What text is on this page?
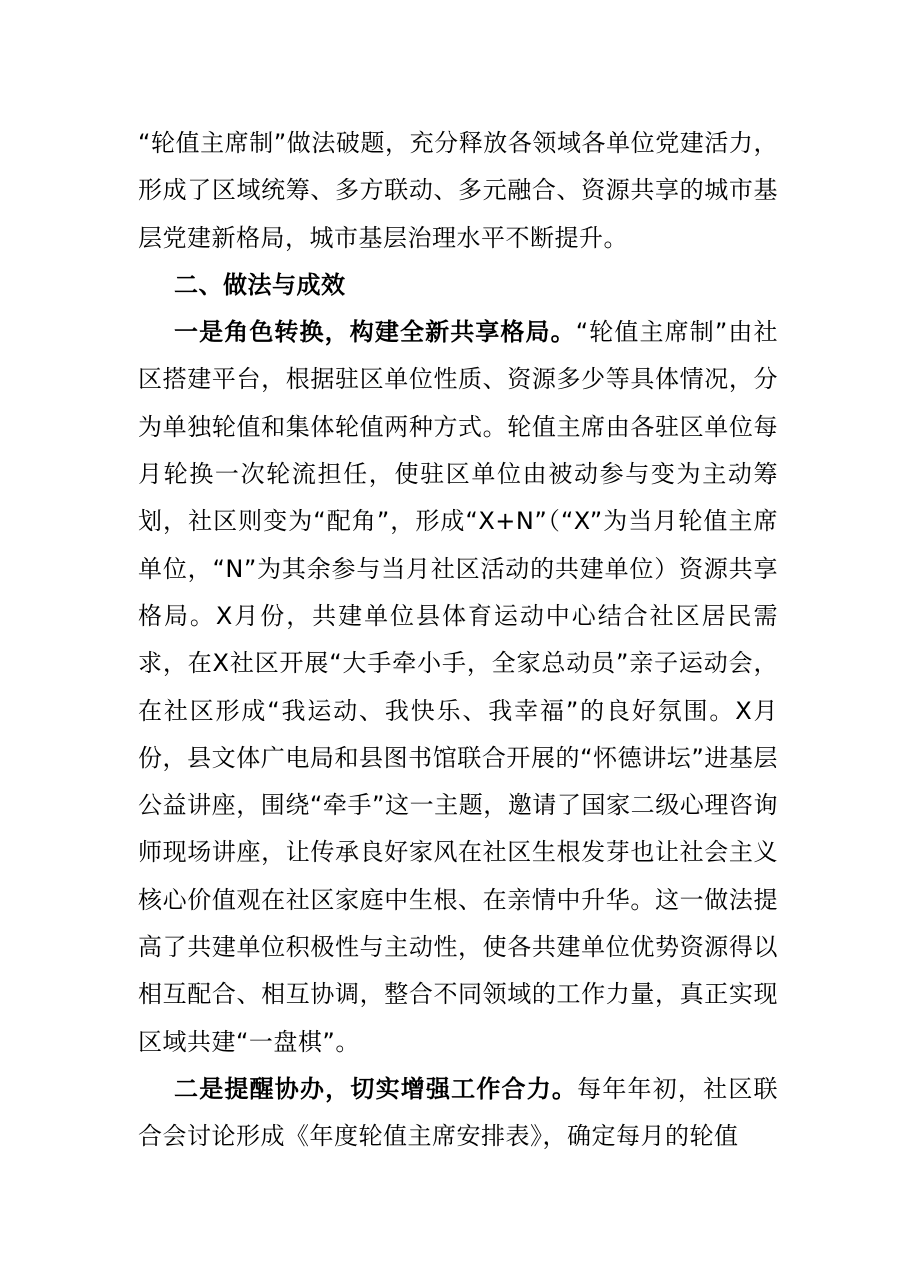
“轮值主席制”做法破题，充分释放各领域各单位党建活力，形成了区域统筹、多方联动、多元融合、资源共享的城市基层党建新格局，城市基层治理水平不断提升。

二、做法与成效

一是角色转换，构建全新共享格局。“轮值主席制”由社区搭建平台，根据驻区单位性质、资源多少等具体情况，分为单独轮值和集体轮值两种方式。轮值主席由各驻区单位每月轮换一次轮流担任，使驻区单位由被动参与变为主动筹划，社区则变为“配角”，形成“X+N”（“X”为当月轮值主席单位，“N”为其余参与当月社区活动的共建单位）资源共享格局。X月份，共建单位县体育运动中心结合社区居民需求，在X社区开展“大手牵小手，全家总动员”亲子运动会，在社区形成“我运动、我快乐、我幸福”的良好氛围。X月份，县文体广电局和县图书馆联合开展的“怀德讲坛”进基层公益讲座，围绕“牵手”这一主题，邀请了国家二级心理咨询师现场讲座，让传承良好家风在社区生根发芽也让社会主义核心价值观在社区家庭中生根、在亲情中升华。这一做法提高了共建单位积极性与主动性，使各共建单位优势资源得以相互配合、相互协调，整合不同领域的工作力量，真正实现区域共建“一盘棋”。

二是提醒协办，切实增强工作合力。每年年初，社区联合会讨论形成《年度轮值主席安排表》，确定每月的轮值
